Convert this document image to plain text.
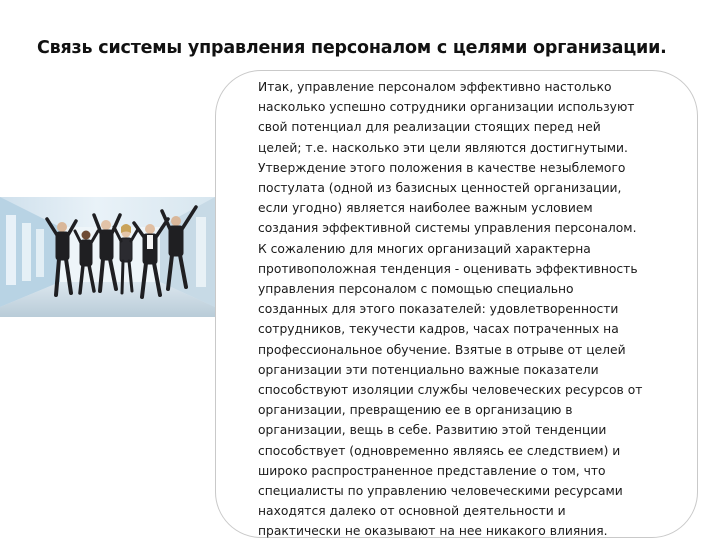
Связь системы управления персоналом с целями организации.
Итак, управление персоналом эффективно настолько
насколько успешно сотрудники организации используют
свой потенциал для реализации стоящих перед ней
целей; т.е. насколько эти цели являются достигнутыми.
Утверждение этого положения в качестве незыблемого
постулата (одной из базисных ценностей организации,
если угодно) является наиболее важным условием
создания эффективной системы управления персоналом.
К сожалению для многих организаций характерна
противоположная тенденция - оценивать эффективность
управления персоналом с помощью специально
созданных для этого показателей: удовлетворенности
сотрудников, текучести кадров, часах потраченных на
профессиональное обучение. Взятые в отрыве от целей
организации эти потенциально важные показатели
способствуют изоляции службы человеческих ресурсов от
организации, превращению ее в организацию в
организации, вещь в себе. Развитию этой тенденции
способствует (одновременно являясь ее следствием) и
широко распространенное представление о том, что
специалисты по управлению человеческими ресурсами
находятся далеко от основной деятельности и
практически не оказывают на нее никакого влияния.
